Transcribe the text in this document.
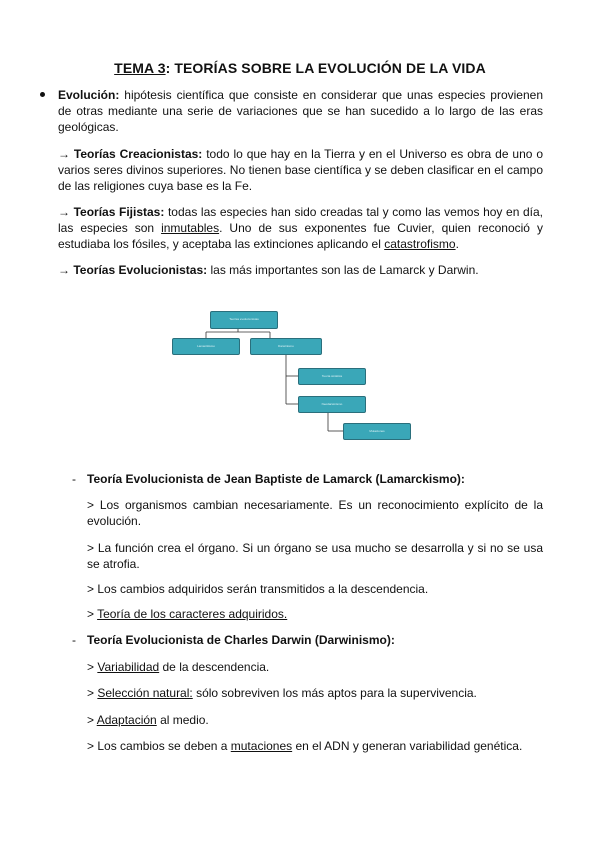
TEMA 3: TEORÍAS SOBRE LA EVOLUCIÓN DE LA VIDA

Evolución: hipótesis científica que consiste en considerar que unas especies provienen de otras mediante una serie de variaciones que se han sucedido a lo largo de las eras geológicas.

→ Teorías Creacionistas: todo lo que hay en la Tierra y en el Universo es obra de uno o varios seres divinos superiores. No tienen base científica y se deben clasificar en el campo de las religiones cuya base es la Fe.

→ Teorías Fijistas: todas las especies han sido creadas tal y como las vemos hoy en día, las especies son inmutables. Uno de sus exponentes fue Cuvier, quien reconoció y estudiaba los fósiles, y aceptaba las extinciones aplicando el catastrofismo.

→ Teorías Evolucionistas: las más importantes son las de Lamarck y Darwin.

Teorías evolucionistas
Lamarckismo	Darwinismo
Teoría sintética
Neodarwinismo
Mutaciones
- Teoría Evolucionista de Jean Baptiste de Lamarck (Lamarckismo):
> Los organismos cambian necesariamente. Es un reconocimiento explícito de la evolución.
> La función crea el órgano. Si un órgano se usa mucho se desarrolla y si no se usa se atrofia.
> Los cambios adquiridos serán transmitidos a la descendencia.
> Teoría de los caracteres adquiridos.
- Teoría Evolucionista de Charles Darwin (Darwinismo):
> Variabilidad de la descendencia.
> Selección natural: sólo sobreviven los más aptos para la supervivencia.
> Adaptación al medio.
> Los cambios se deben a mutaciones en el ADN y generan variabilidad genética.
